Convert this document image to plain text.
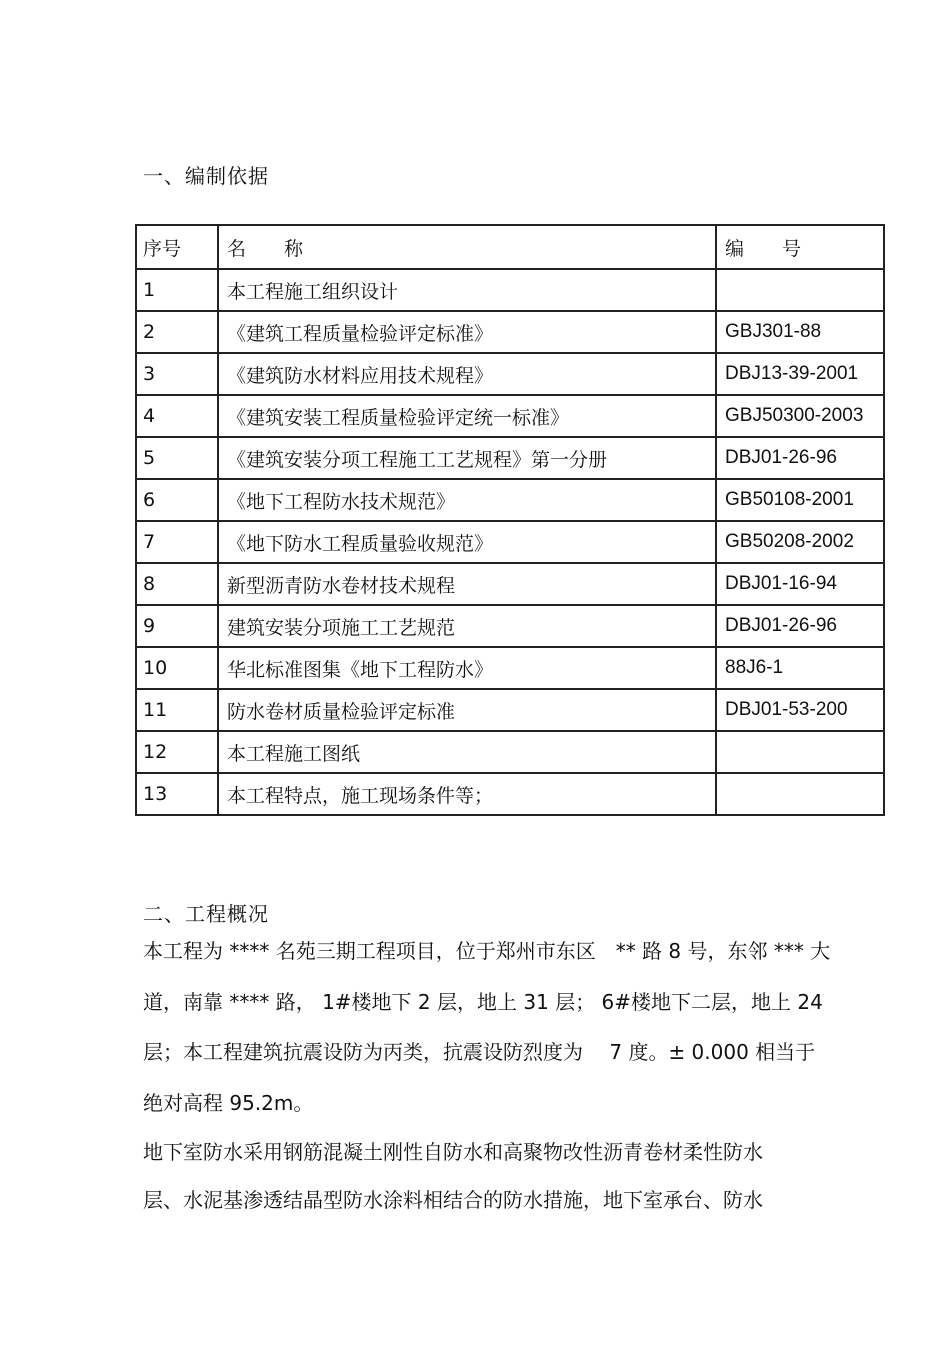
一、编制依据
序号	名　　称	编　　号
1	本工程施工组织设计	
2	《建筑工程质量检验评定标准》	GBJ301-88
3	《建筑防水材料应用技术规程》	DBJ13-39-2001
4	《建筑安装工程质量检验评定统一标准》	GBJ50300-2003
5	《建筑安装分项工程施工工艺规程》第一分册	DBJ01-26-96
6	《地下工程防水技术规范》	GB50108-2001
7	《地下防水工程质量验收规范》	GB50208-2002
8	新型沥青防水卷材技术规程	DBJ01-16-94
9	建筑安装分项施工工艺规范	DBJ01-26-96
10	华北标准图集《地下工程防水》	88J6-1
11	防水卷材质量检验评定标准	DBJ01-53-200
12	本工程施工图纸	
13	本工程特点，施工现场条件等；	
二、工程概况
本工程为 **** 名苑三期工程项目，位于郑州市东区　** 路 8 号，东邻 *** 大
道，南靠 **** 路， 1#楼地下 2 层，地上 31 层； 6#楼地下二层，地上 24
层；本工程建筑抗震设防为丙类，抗震设防烈度为　 7 度。± 0.000 相当于
绝对高程 95.2m。
地下室防水采用钢筋混凝土刚性自防水和高聚物改性沥青卷材柔性防水
层、水泥基渗透结晶型防水涂料相结合的防水措施，地下室承台、防水
